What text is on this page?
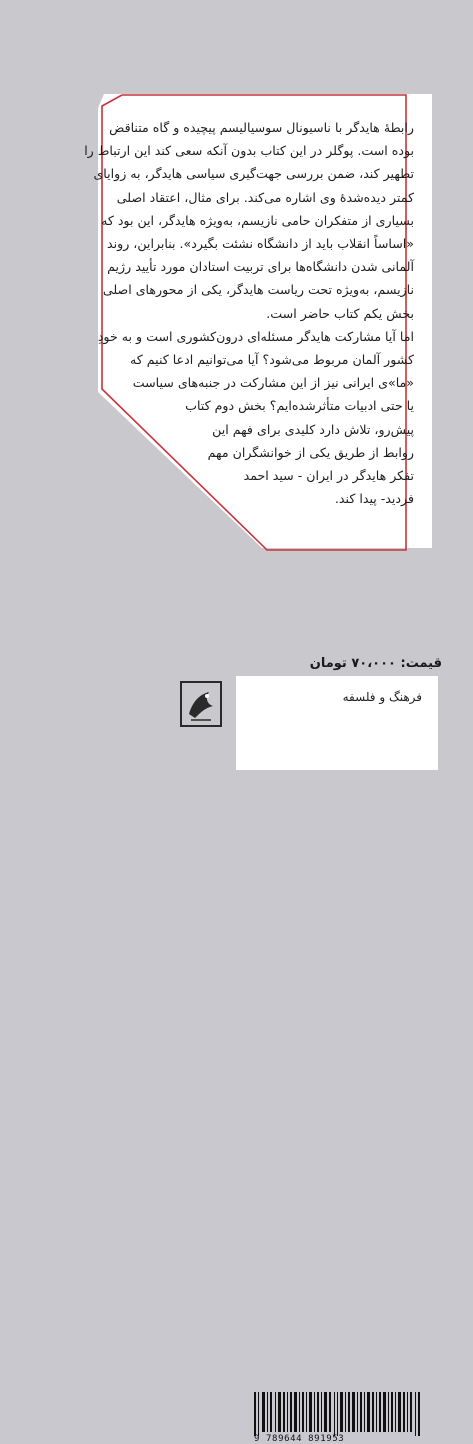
رابطهٔ هایدگر با ناسیونال سوسیالیسم پیچیده و گاه متناقض
بوده است. پوگلر در این کتاب بدون آنکه سعی کند این ارتباط را
تطهیر کند، ضمن بررسی جهت‌گیری سیاسی هایدگر، به زوایای
کمتر دیده‌شدهٔ وی اشاره می‌کند. برای مثال، اعتقاد اصلی
بسیاری از متفکران حامی نازیسم، به‌ویژه هایدگر، این بود که
«اساساً انقلاب باید از دانشگاه نشئت بگیرد». بنابراین، روند
آلمانی شدن دانشگاه‌ها برای تربیت استادان مورد تأیید رژیم
نازیسم، به‌ویژه تحت ریاست هایدگر، یکی از محورهای اصلی
بخش یکم کتاب حاضر است.
اما آیا مشارکت هایدگر مسئله‌ای درون‌کشوری است و به خودِ
کشور آلمان مربوط می‌شود؟ آیا می‌توانیم ادعا کنیم که
«ما»ی ایرانی نیز از این مشارکت در جنبه‌های سیاست
یا حتی ادبیات متأثرشده‌ایم؟ بخش دوم کتاب
پیش‌رو، تلاش دارد کلیدی برای فهم این
روابط از طریق یکی از خوانشگران مهم
تفکر هایدگر در ایران - سید احمد
فردید- پیدا کند.
قیمت: ۷۰،۰۰۰ تومان
9 789644 891953
فرهنگ و فلسفه
